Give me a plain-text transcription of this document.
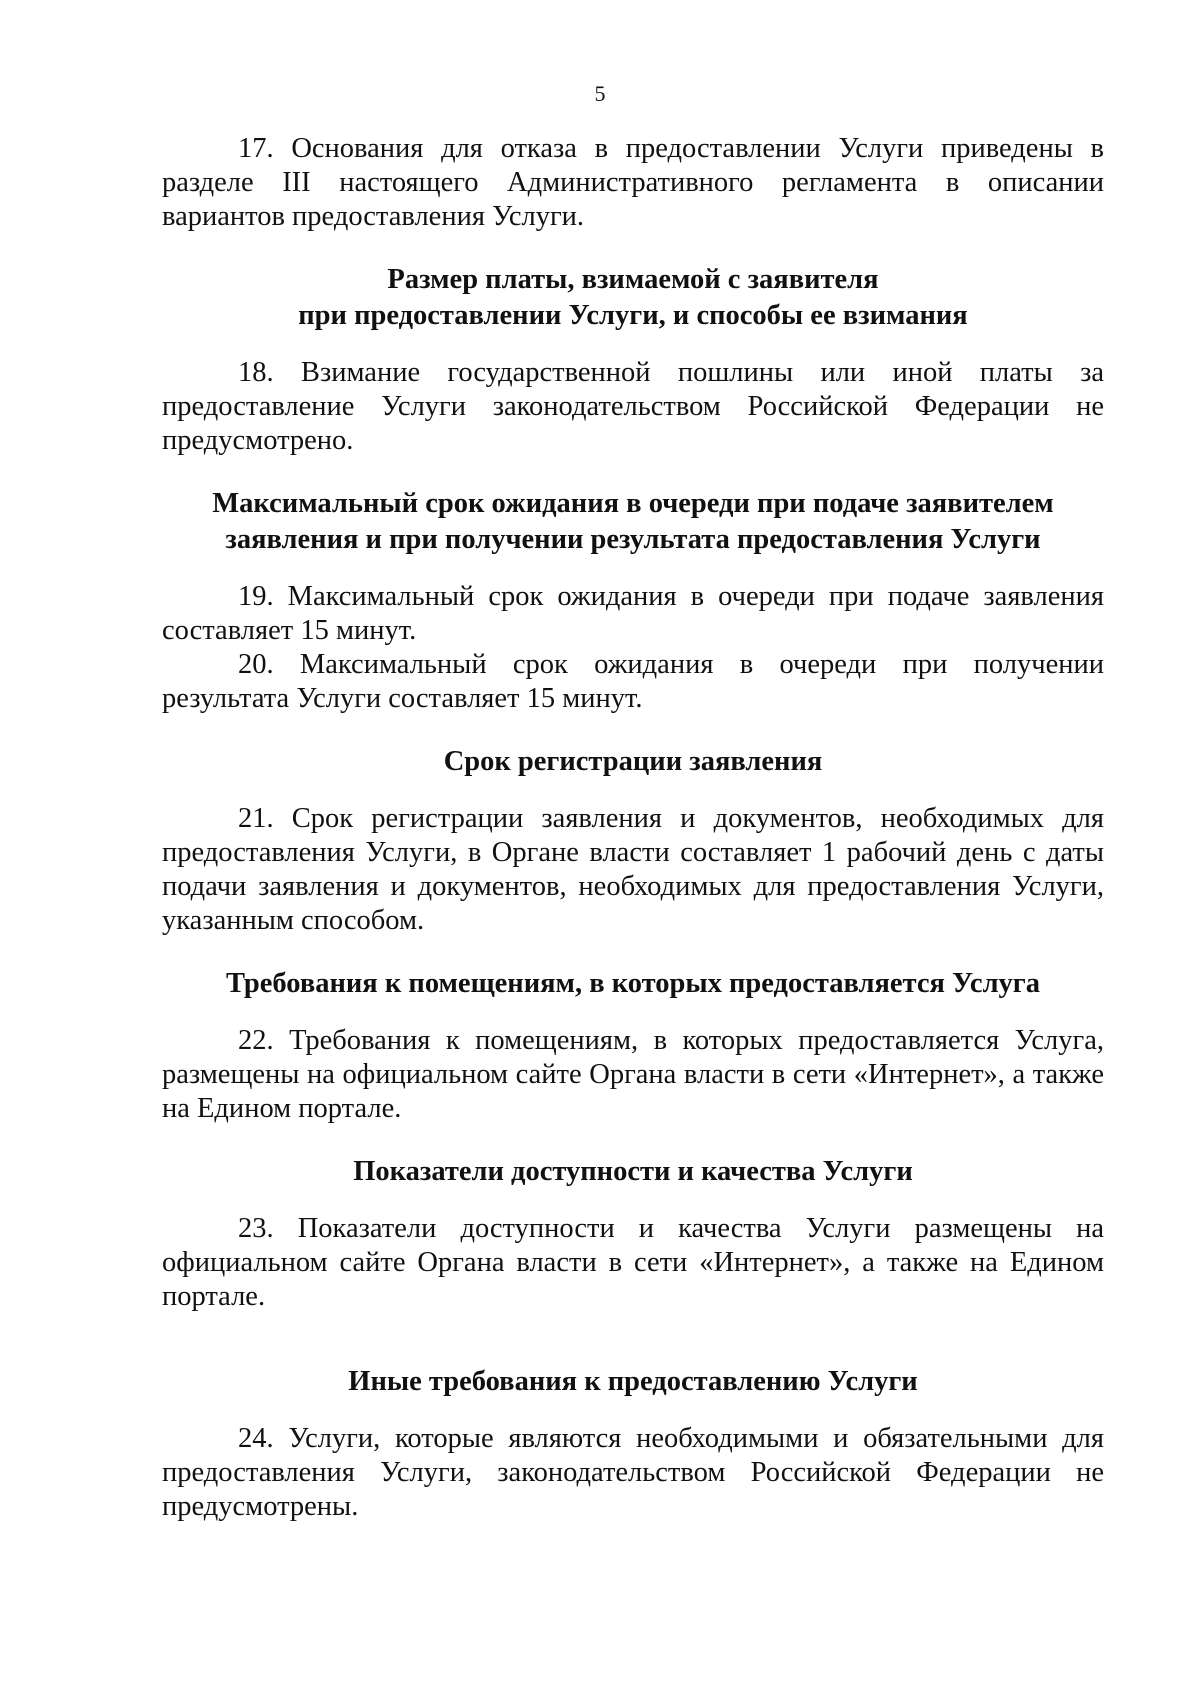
5

17. Основания для отказа в предоставлении Услуги приведены в разделе III настоящего Административного регламента в описании вариантов предоставления Услуги.

Размер платы, взимаемой с заявителя
при предоставлении Услуги, и способы ее взимания

18. Взимание государственной пошлины или иной платы за предоставление Услуги законодательством Российской Федерации не предусмотрено.

Максимальный срок ожидания в очереди при подаче заявителем
заявления и при получении результата предоставления Услуги

19. Максимальный срок ожидания в очереди при подаче заявления составляет 15 минут.

20. Максимальный срок ожидания в очереди при получении результата Услуги составляет 15 минут.

Срок регистрации заявления

21. Срок регистрации заявления и документов, необходимых для предоставления Услуги, в Органе власти составляет 1 рабочий день с даты подачи заявления и документов, необходимых для предоставления Услуги, указанным способом.

Требования к помещениям, в которых предоставляется Услуга

22. Требования к помещениям, в которых предоставляется Услуга, размещены на официальном сайте Органа власти в сети «Интернет», а также на Едином портале.

Показатели доступности и качества Услуги

23. Показатели доступности и качества Услуги размещены на официальном сайте Органа власти в сети «Интернет», а также на Едином портале.

Иные требования к предоставлению Услуги

24. Услуги, которые являются необходимыми и обязательными для предоставления Услуги, законодательством Российской Федерации не предусмотрены.
